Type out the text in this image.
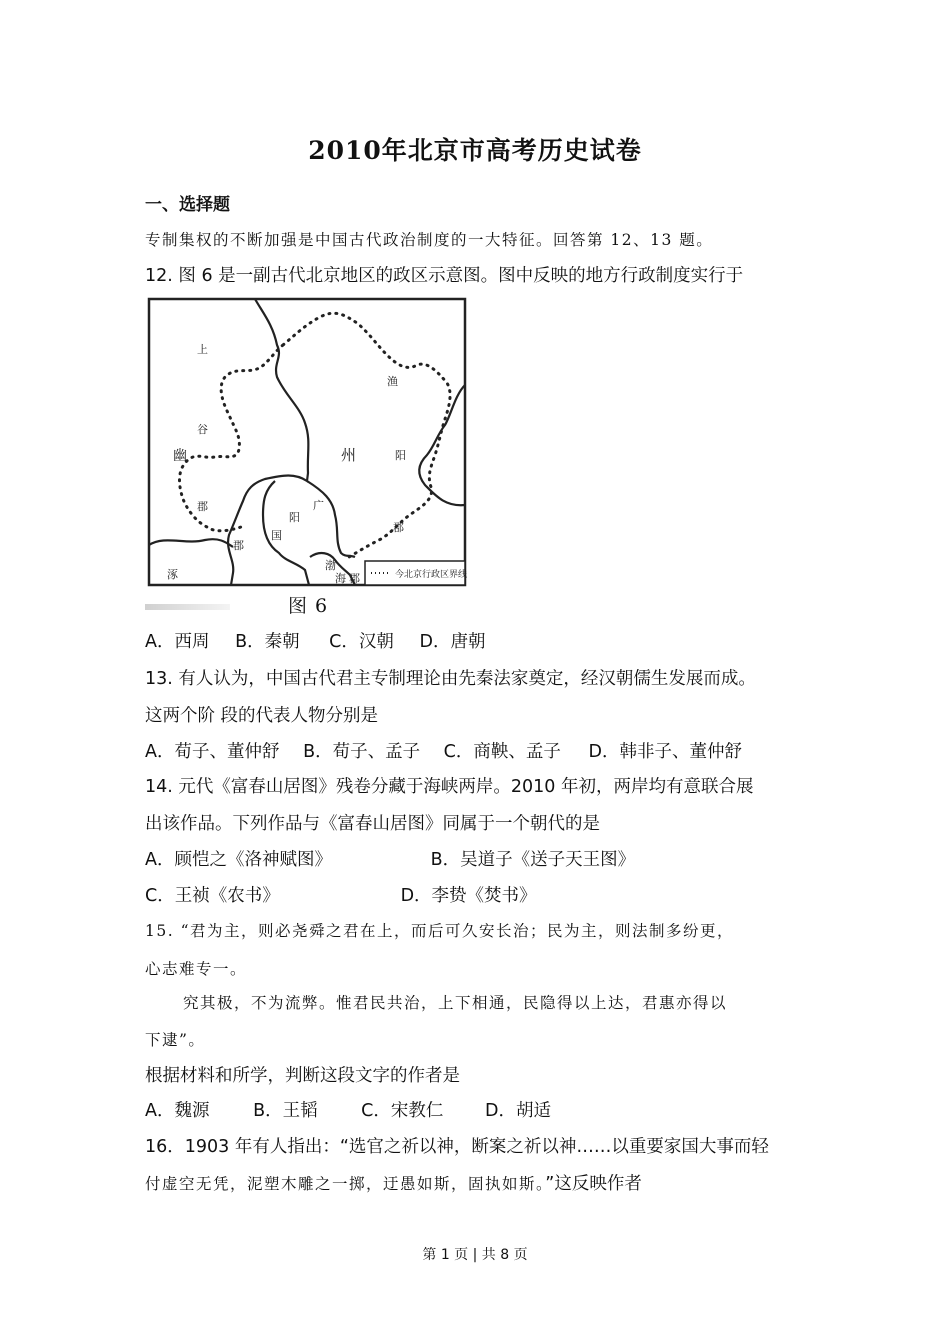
2010年北京市高考历史试卷
一、选择题
专制集权的不断加强是中国古代政治制度的一大特征。回答第 12、13 题。
12. 图 6 是一副古代北京地区的政区示意图。图中反映的地方行政制度实行于
今北京行政区界线
上
谷
幽
郡
州
渔
阳
郡
广
阳
国
郡
涿
渤
海 郡
图 6
A．西周 B．秦朝 C．汉朝 D．唐朝
13. 有人认为，中国古代君主专制理论由先秦法家奠定，经汉朝儒生发展而成。
这两个阶 段的代表人物分别是
A．荀子、董仲舒 B．荀子、孟子 C．商鞅、孟子 D．韩非子、董仲舒
14. 元代《富春山居图》残卷分藏于海峡两岸。2010 年初，两岸均有意联合展
出该作品。下列作品与《富春山居图》同属于一个朝代的是
A．顾恺之《洛神赋图》	B．吴道子《送子天王图》
C．王祯《农书》	D．李贽《焚书》
15. “君为主，则必尧舜之君在上，而后可久安长治；民为主，则法制多纷更，
心志难专一。
究其极，不为流弊。惟君民共治，上下相通，民隐得以上达，君惠亦得以
下逮”。
根据材料和所学，判断这段文字的作者是
A．魏源 B．王韬 C．宋教仁 D．胡适
16．1903 年有人指出：“选官之祈以神，断案之祈以神……以重要家国大事而轻
付虚空无凭，泥塑木雕之一掷，迂愚如斯，固执如斯。”这反映作者
第 1 页 | 共 8 页
